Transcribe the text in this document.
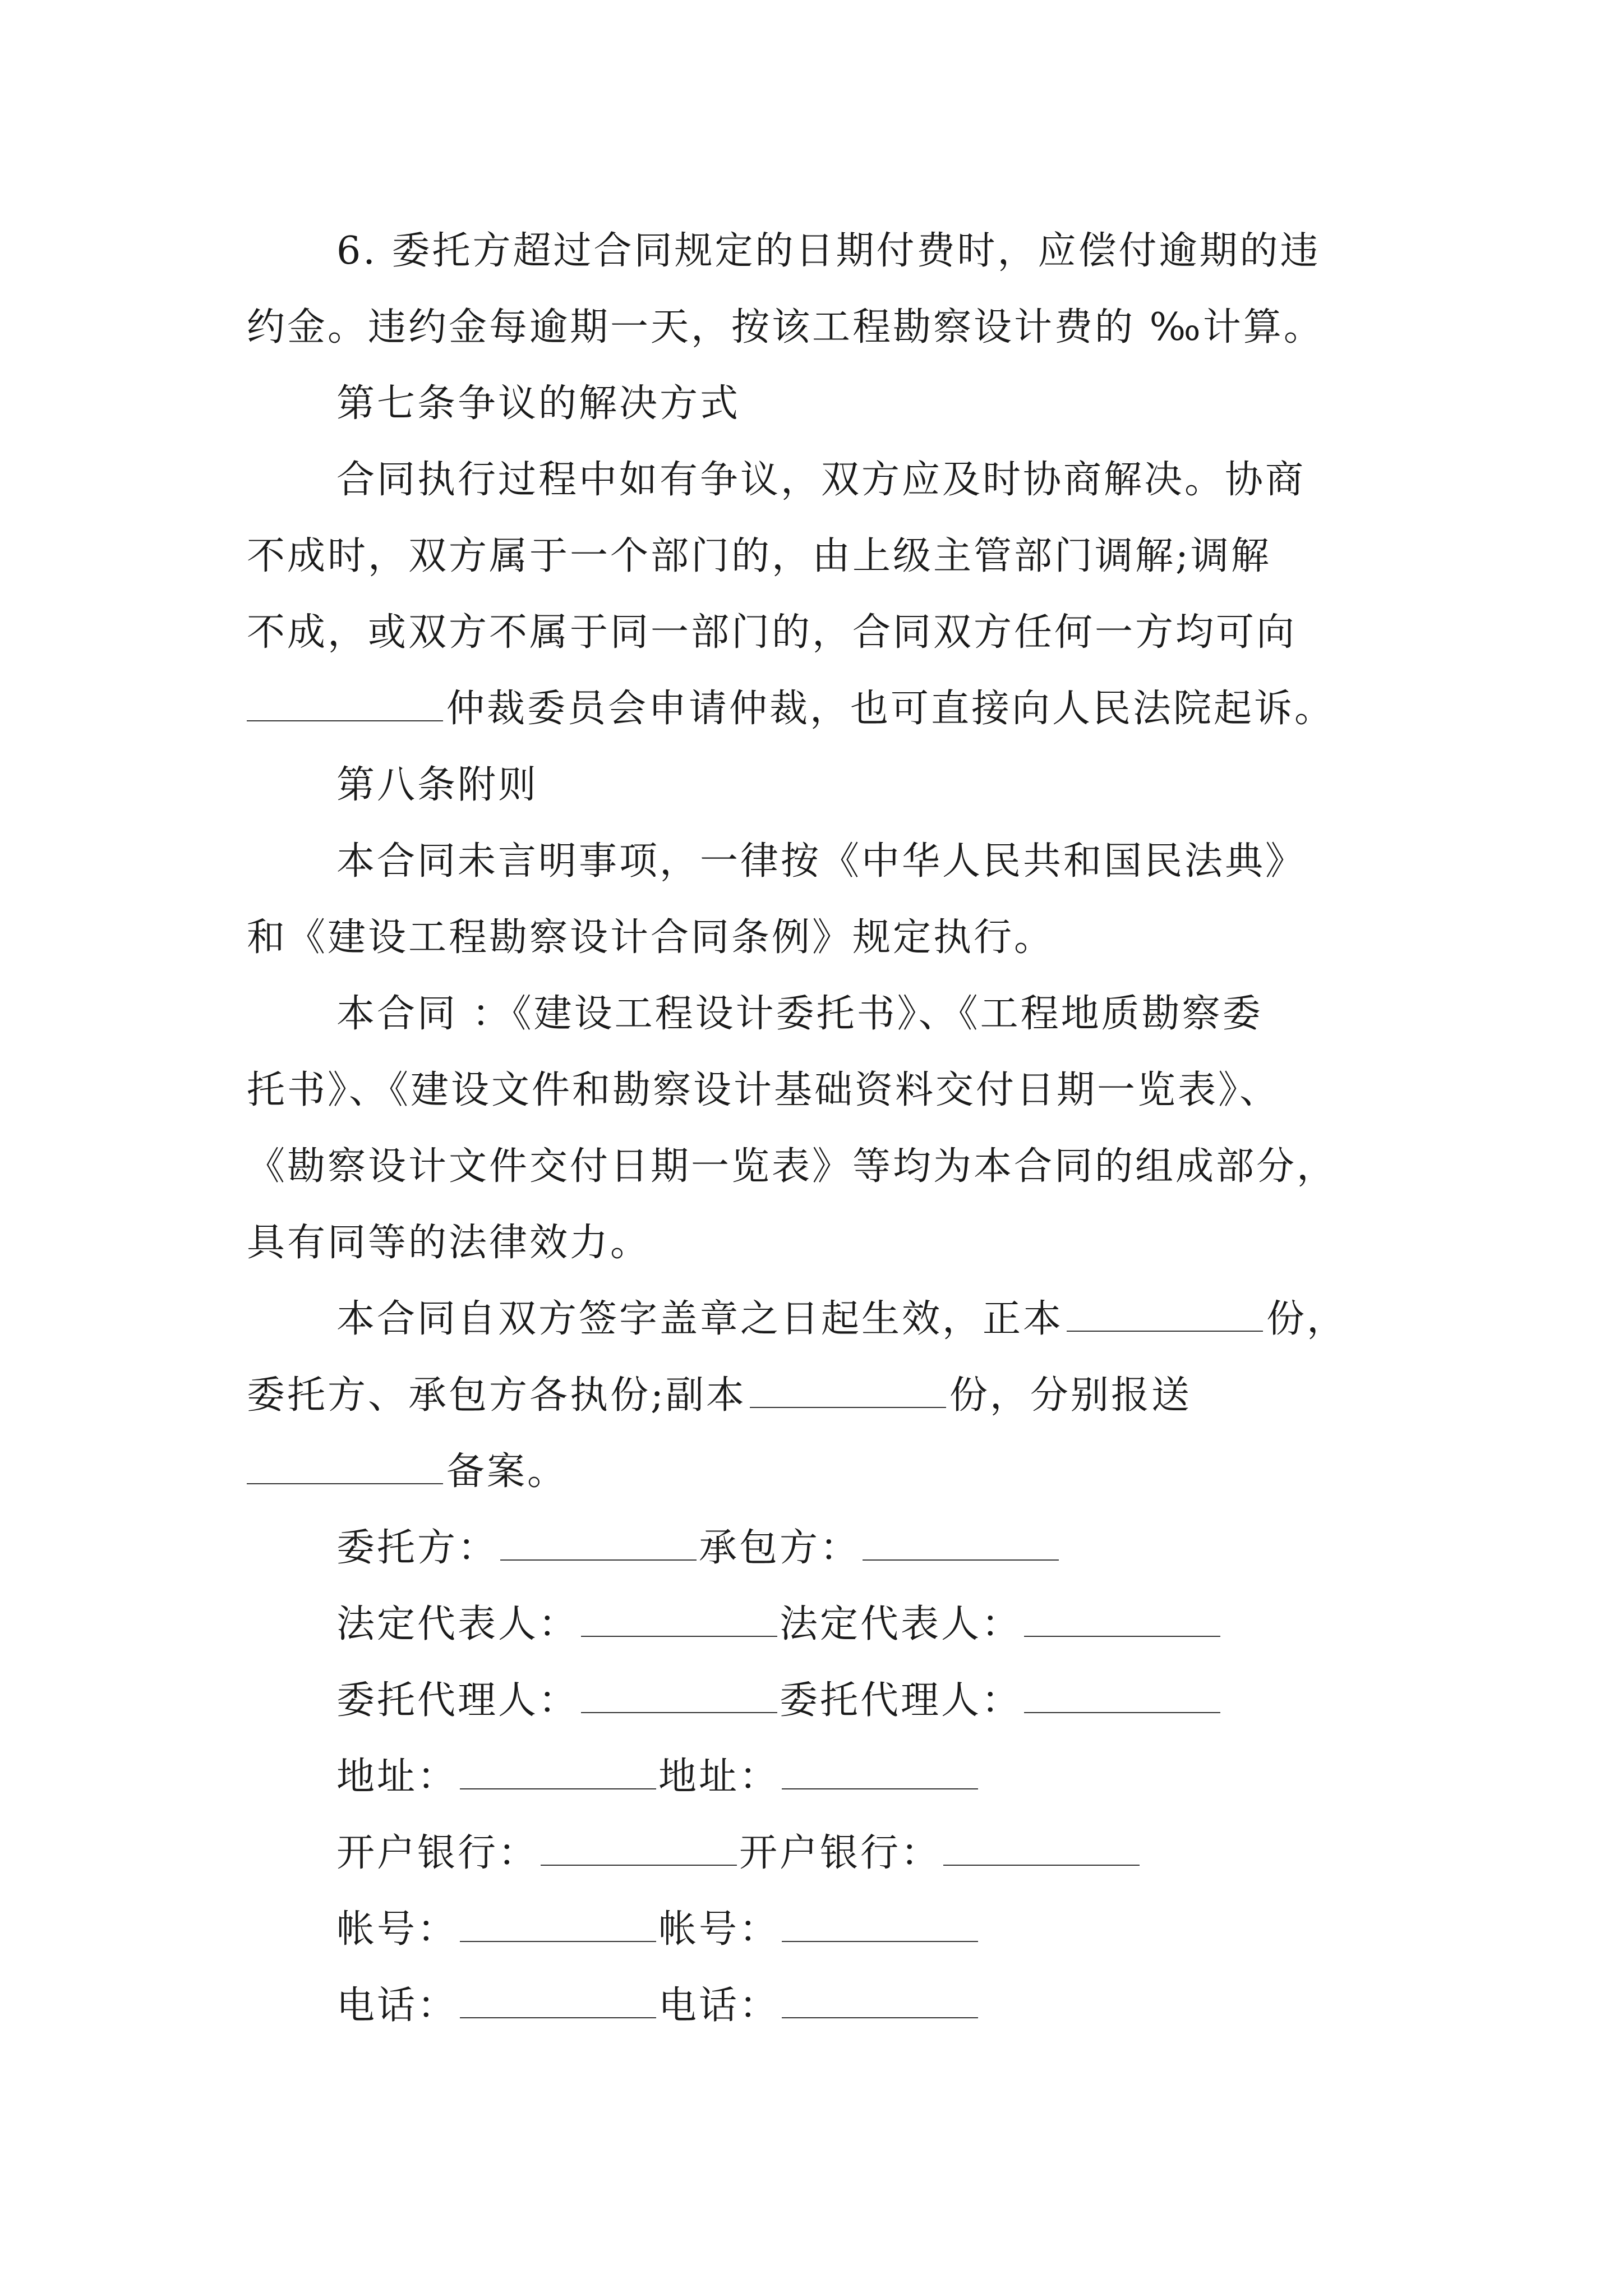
6. 委托方超过合同规定的日期付费时，应偿付逾期的违
约金。违约金每逾期一天，按该工程勘察设计费的 ‰计算。
第七条争议的解决方式
合同执行过程中如有争议，双方应及时协商解决。协商
不成时，双方属于一个部门的，由上级主管部门调解;调解
不成，或双方不属于同一部门的，合同双方任何一方均可向
仲裁委员会申请仲裁，也可直接向人民法院起诉。
第八条附则
本合同未言明事项，一律按《中华人民共和国民法典》
和《建设工程勘察设计合同条例》规定执行。
本合同 ：《建设工程设计委托书》、《工程地质勘察委
托书》、《建设文件和勘察设计基础资料交付日期一览表》、
《勘察设计文件交付日期一览表》等均为本合同的组成部分，
具有同等的法律效力。
本合同自双方签字盖章之日起生效，正本	份，
委托方、承包方各执份;副本	份，分别报送
备案。
委托方：	承包方：
法定代表人：	法定代表人：
委托代理人：	委托代理人：
地址：	地址：
开户银行：	开户银行：
帐号：	帐号：
电话：	电话：
